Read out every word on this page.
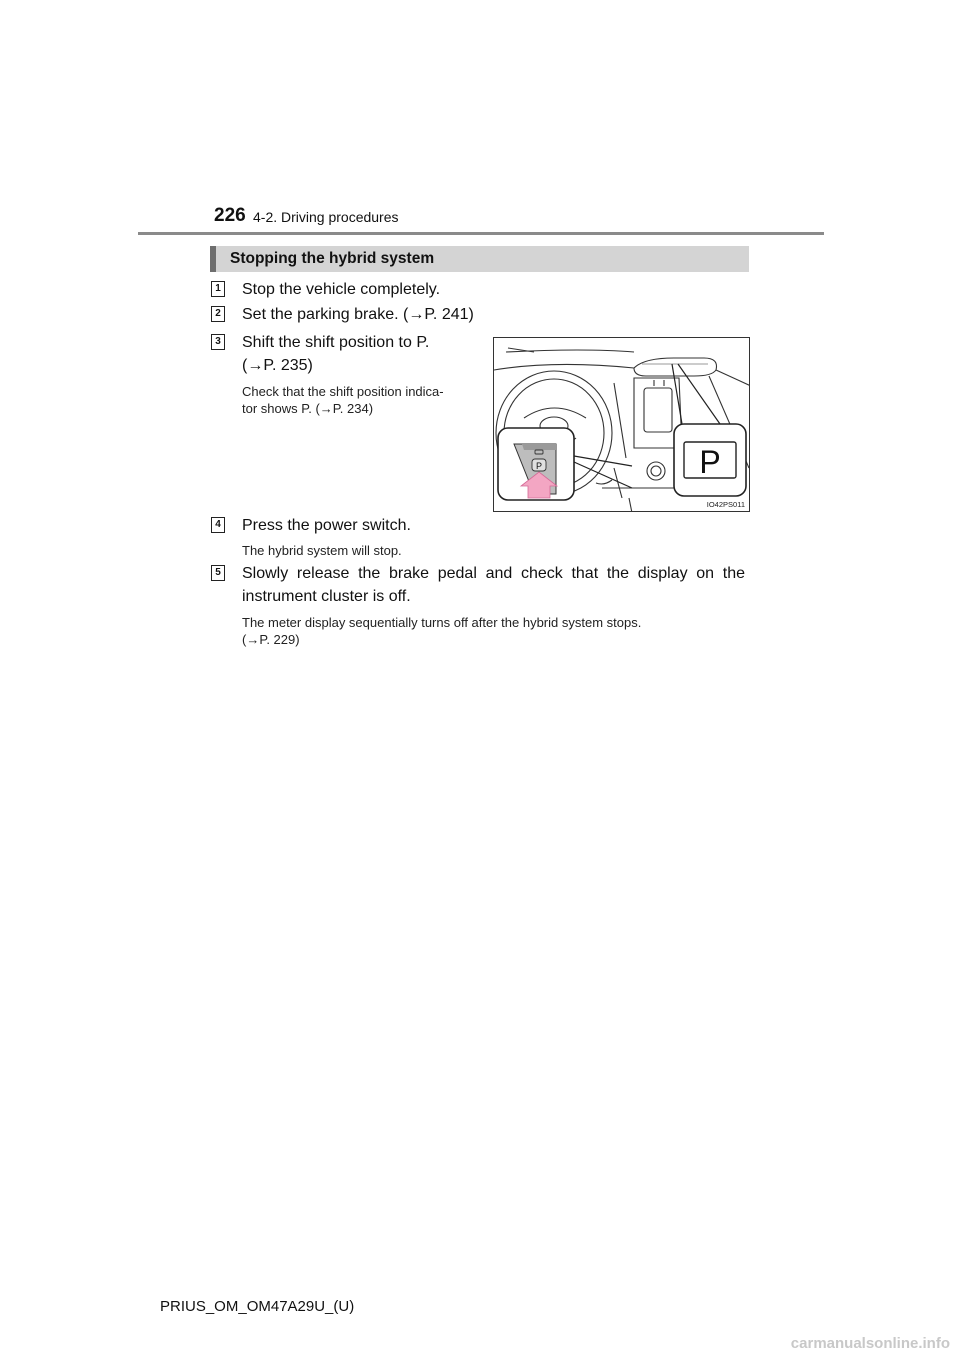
226 4-2. Driving procedures
Stopping the hybrid system
1 Stop the vehicle completely.
2 Set the parking brake. (→P. 241)
3 Shift the shift position to P.
(→P. 235)
Check that the shift position indica-
tor shows P. (→P. 234)
P	P
IO42PS011
4 Press the power switch.
The hybrid system will stop.
5 Slowly release the brake pedal and check that the display on the
instrument cluster is off.
The meter display sequentially turns off after the hybrid system stops.
(→P. 229)
PRIUS_OM_OM47A29U_(U)
carmanualsonline.info
